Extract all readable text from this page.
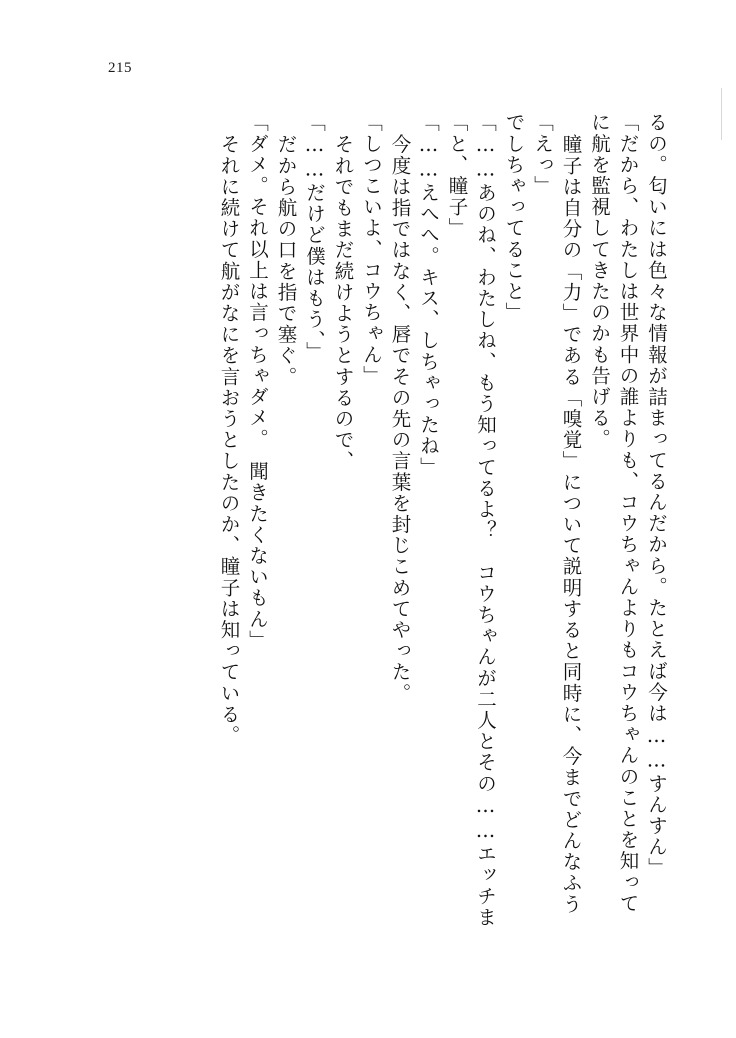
215
それに続けて航がなにを言おうとしたのか、瞳子は知っている。 「ダメ。それ以上は言っちゃダメ。　聞きたくないもん」 だから航の口を指で塞ぐ。 「……だけど僕はもう、」 それでもまだ続けようとするので、 「しつこいよ、コウちゃん」 今度は指ではなく、唇でその先の言葉を封じこめてやった。 「……えへへ。キス、しちゃったね」 「と、瞳子」 「……あのね、わたしね、もう知ってるよ？　コウちゃんが二人とその……エッチま でしちゃってること」 「えっ」 瞳子は自分の「力」である「嗅覚」について説明すると同時に、今までどんなふう に航を監視してきたのかも告げる。 「だから、わたしは世界中の誰よりも、コウちゃんよりもコウちゃんのことを知って るの。匂いには色々な情報が詰まってるんだから。たとえば今は……すんすん」
